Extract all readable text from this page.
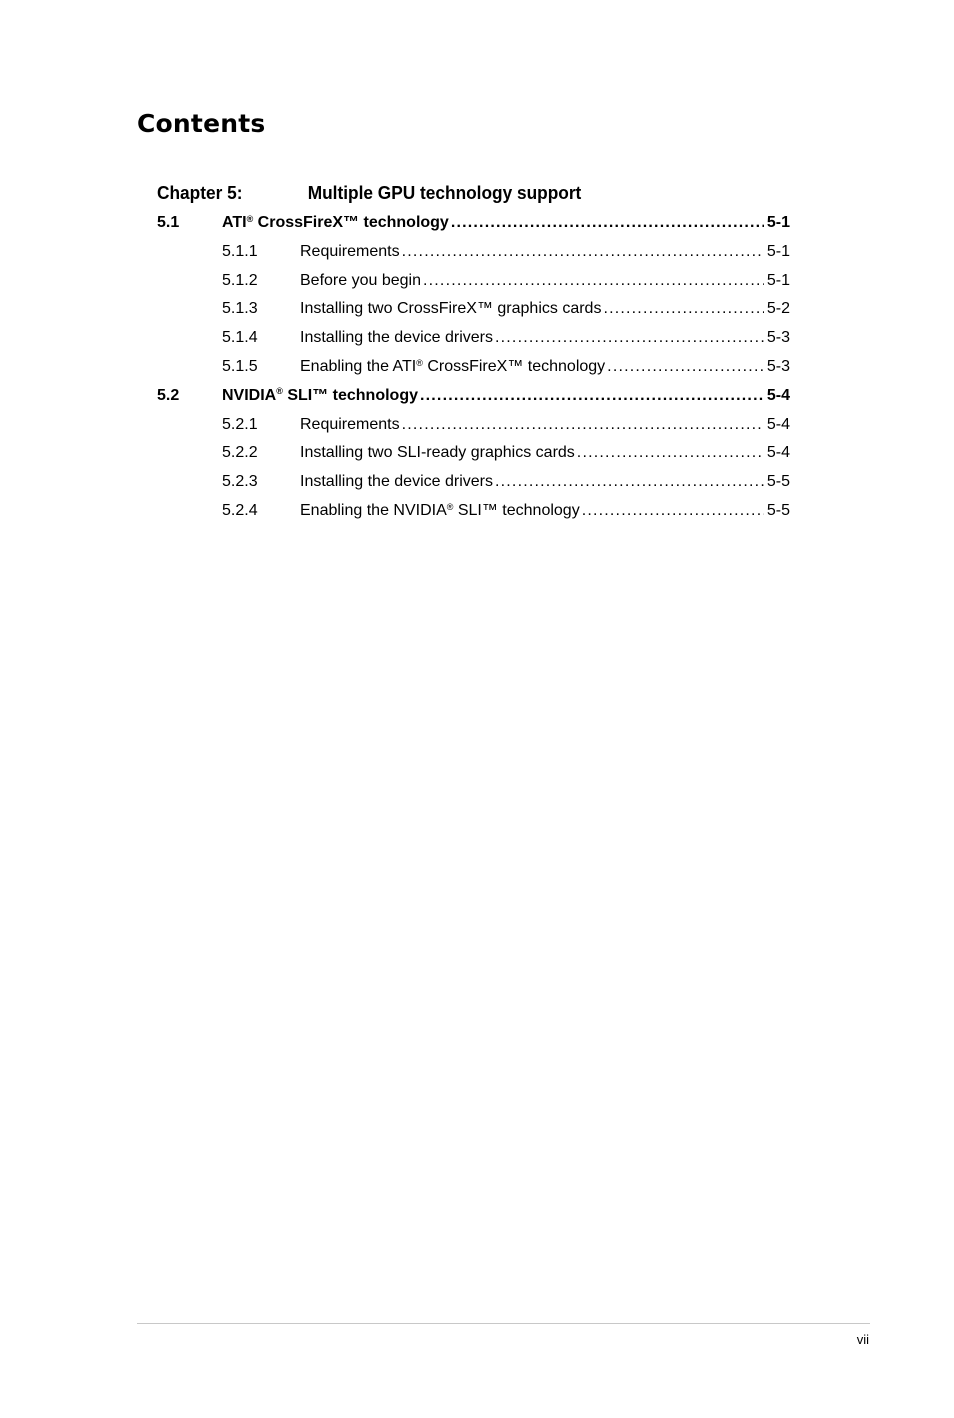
Contents
Chapter 5:	Multiple GPU technology support
5.1	ATI® CrossFireX™ technology .....	5-1
5.1.1	Requirements .....	5-1
5.1.2	Before you begin .....	5-1
5.1.3	Installing two CrossFireX™ graphics cards .....	5-2
5.1.4	Installing the device drivers .....	5-3
5.1.5	Enabling the ATI® CrossFireX™ technology .....	5-3
5.2	NVIDIA® SLI™ technology .....	5-4
5.2.1	Requirements .....	5-4
5.2.2	Installing two SLI-ready graphics cards .....	5-4
5.2.3	Installing the device drivers .....	5-5
5.2.4	Enabling the NVIDIA® SLI™ technology .....	5-5
vii
